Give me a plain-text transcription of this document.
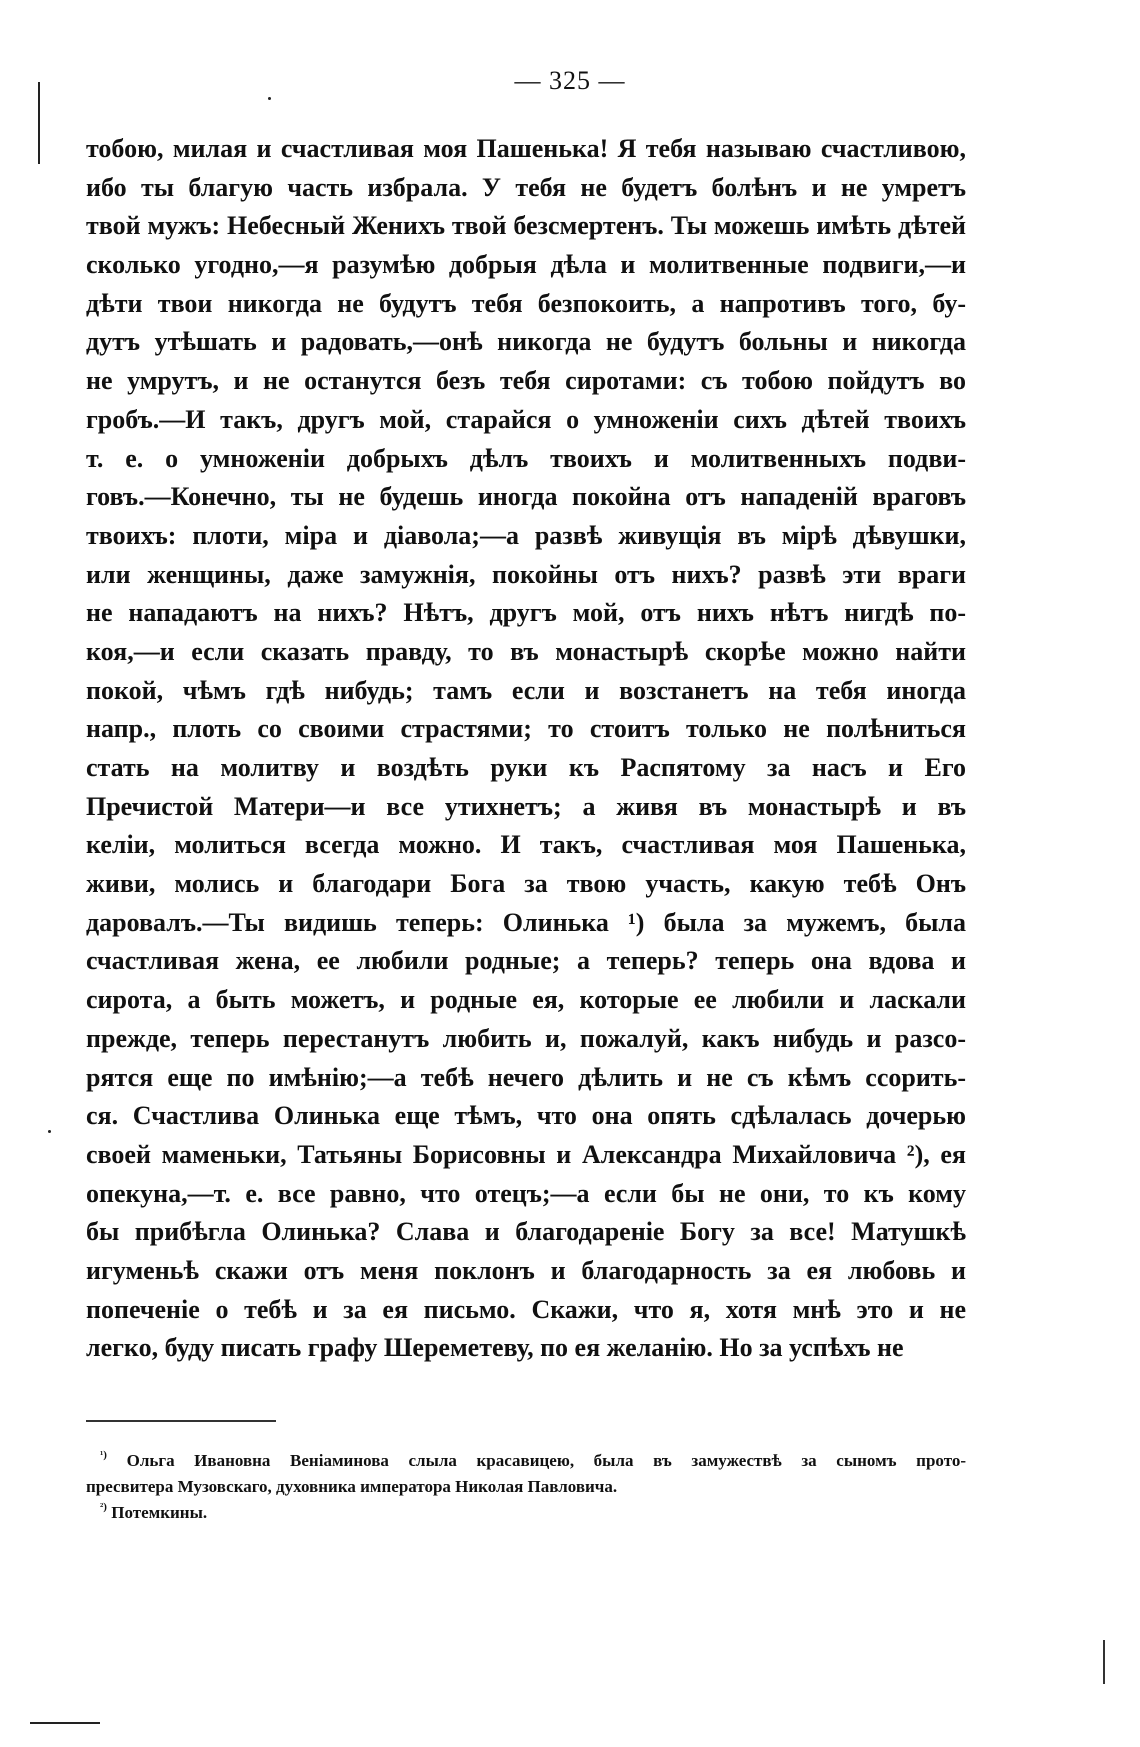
— 325 —
тобою, милая и счастливая моя Пашенька! Я тебя называю счастливою,
ибо ты благую часть избрала. У тебя не будетъ болѣнъ и не умретъ
твой мужъ: Небесный Женихъ твой безсмертенъ. Ты можешь имѣть дѣтей
сколько угодно,—я разумѣю добрыя дѣла и молитвенные подвиги,—и
дѣти твои никогда не будутъ тебя безпокоить, а напротивъ того, бу-
дутъ утѣшать и радовать,—онѣ никогда не будутъ больны и никогда
не умрутъ, и не останутся безъ тебя сиротами: съ тобою пойдутъ во
гробъ.—И такъ, другъ мой, старайся о умноженіи сихъ дѣтей твоихъ
т. е. о умноженіи добрыхъ дѣлъ твоихъ и молитвенныхъ подви-
говъ.—Конечно, ты не будешь иногда покойна отъ нападеній враговъ
твоихъ: плоти, міра и діавола;—а развѣ живущія въ мірѣ дѣвушки,
или женщины, даже замужнія, покойны отъ нихъ? развѣ эти враги
не нападаютъ на нихъ? Нѣтъ, другъ мой, отъ нихъ нѣтъ нигдѣ по-
коя,—и если сказать правду, то въ монастырѣ скорѣе можно найти
покой, чѣмъ гдѣ нибудь; тамъ если и возстанетъ на тебя иногда
напр., плоть со своими страстями; то стоитъ только не полѣниться
стать на молитву и воздѣть руки къ Распятому за насъ и Его
Пречистой Матери—и все утихнетъ; а живя въ монастырѣ и въ
келіи, молиться всегда можно. И такъ, счастливая моя Пашенька,
живи, молись и благодари Бога за твою участь, какую тебѣ Онъ
даровалъ.—Ты видишь теперь: Олинька ¹) была за мужемъ, была
счастливая жена, ее любили родные; а теперь? теперь она вдова и
сирота, а быть можетъ, и родные ея, которые ее любили и ласкали
прежде, теперь перестанутъ любить и, пожалуй, какъ нибудь и разсо-
рятся еще по имѣнію;—а тебѣ нечего дѣлить и не съ кѣмъ ссорить-
ся. Счастлива Олинька еще тѣмъ, что она опять сдѣлалась дочерью
своей маменьки, Татьяны Борисовны и Александра Михайловича ²), ея
опекуна,—т. е. все равно, что отецъ;—а если бы не они, то къ кому
бы прибѣгла Олинька? Слава и благодареніе Богу за все! Матушкѣ
игуменьѣ скажи отъ меня поклонъ и благодарность за ея любовь и
попеченіе о тебѣ и за ея письмо. Скажи, что я, хотя мнѣ это и не
легко, буду писать графу Шереметеву, по ея желанію. Но за успѣхъ не
$^{^1)}$ Ольга Ивановна Веніаминова слыла красавицею, была въ замужествѣ за сыномъ прото-
пресвитера Музовскаго, духовника императора Николая Павловича.
$^{^2)}$ Потемкины.
